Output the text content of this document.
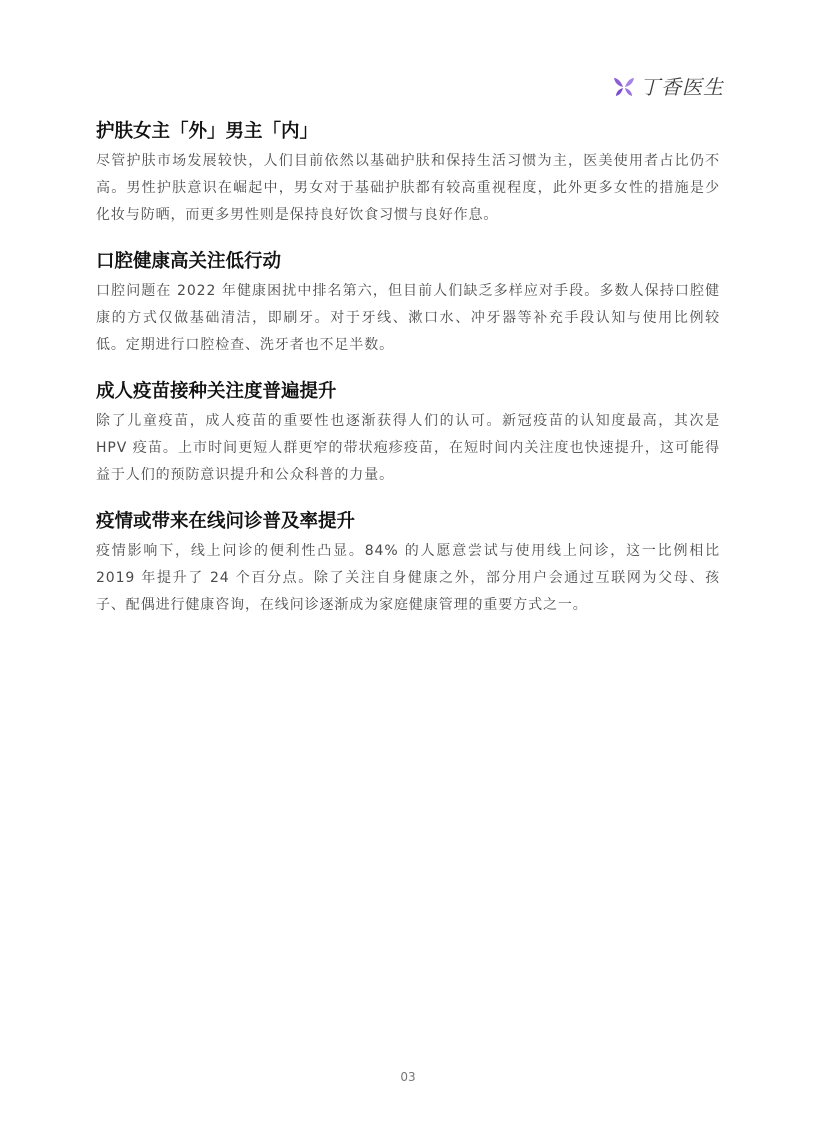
丁香医生
护肤女主「外」男主「内」

尽管护肤市场发展较快，人们目前依然以基础护肤和保持生活习惯为主，医美使用者占比仍不高。男性护肤意识在崛起中，男女对于基础护肤都有较高重视程度，此外更多女性的措施是少化妆与防晒，而更多男性则是保持良好饮食习惯与良好作息。

口腔健康高关注低行动

口腔问题在 2022 年健康困扰中排名第六，但目前人们缺乏多样应对手段。多数人保持口腔健康的方式仅做基础清洁，即刷牙。对于牙线、漱口水、冲牙器等补充手段认知与使用比例较低。定期进行口腔检查、洗牙者也不足半数。

成人疫苗接种关注度普遍提升

除了儿童疫苗，成人疫苗的重要性也逐渐获得人们的认可。新冠疫苗的认知度最高，其次是 HPV 疫苗。上市时间更短人群更窄的带状疱疹疫苗，在短时间内关注度也快速提升，这可能得益于人们的预防意识提升和公众科普的力量。

疫情或带来在线问诊普及率提升

疫情影响下，线上问诊的便利性凸显。84% 的人愿意尝试与使用线上问诊，这一比例相比 2019 年提升了 24 个百分点。除了关注自身健康之外，部分用户会通过互联网为父母、孩子、配偶进行健康咨询，在线问诊逐渐成为家庭健康管理的重要方式之一。

03
